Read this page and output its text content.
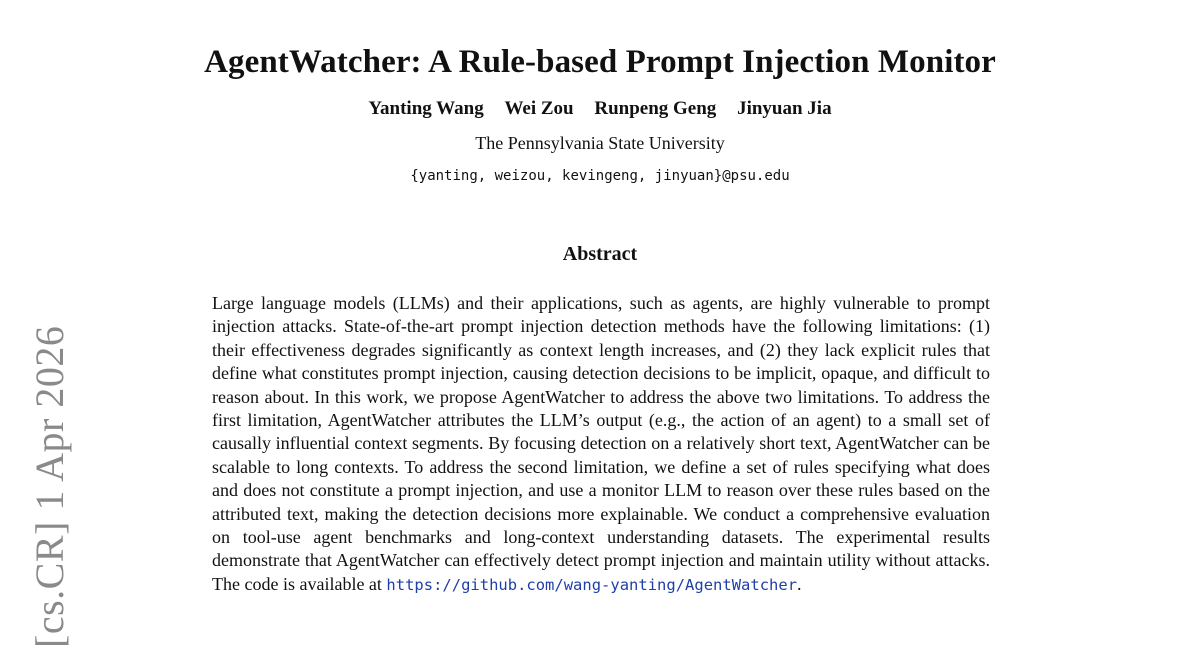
AgentWatcher: A Rule-based Prompt Injection Monitor
Yanting Wang Wei Zou Runpeng Geng Jinyuan Jia
The Pennsylvania State University
{yanting, weizou, kevingeng, jinyuan}@psu.edu
Abstract

Large language models (LLMs) and their applications, such as agents, are highly vulnerable to prompt injection attacks. State-of-the-art prompt injection detection methods have the following limitations: (1) their effectiveness degrades significantly as context length increases, and (2) they lack explicit rules that define what constitutes prompt injection, causing detection decisions to be implicit, opaque, and difficult to reason about. In this work, we propose AgentWatcher to address the above two limitations. To address the first limitation, AgentWatcher attributes the LLM’s output (e.g., the action of an agent) to a small set of causally influential context segments. By focusing detection on a relatively short text, AgentWatcher can be scalable to long contexts. To address the second limitation, we define a set of rules specifying what does and does not constitute a prompt injection, and use a monitor LLM to reason over these rules based on the attributed text, making the detection decisions more explainable. We conduct a comprehensive evaluation on tool-use agent benchmarks and long-context understanding datasets. The experimental results demonstrate that AgentWatcher can effectively detect prompt injection and maintain utility without attacks. The code is available at https://github.com/wang-yanting/AgentWatcher.

[cs.CR] 1 Apr 2026
